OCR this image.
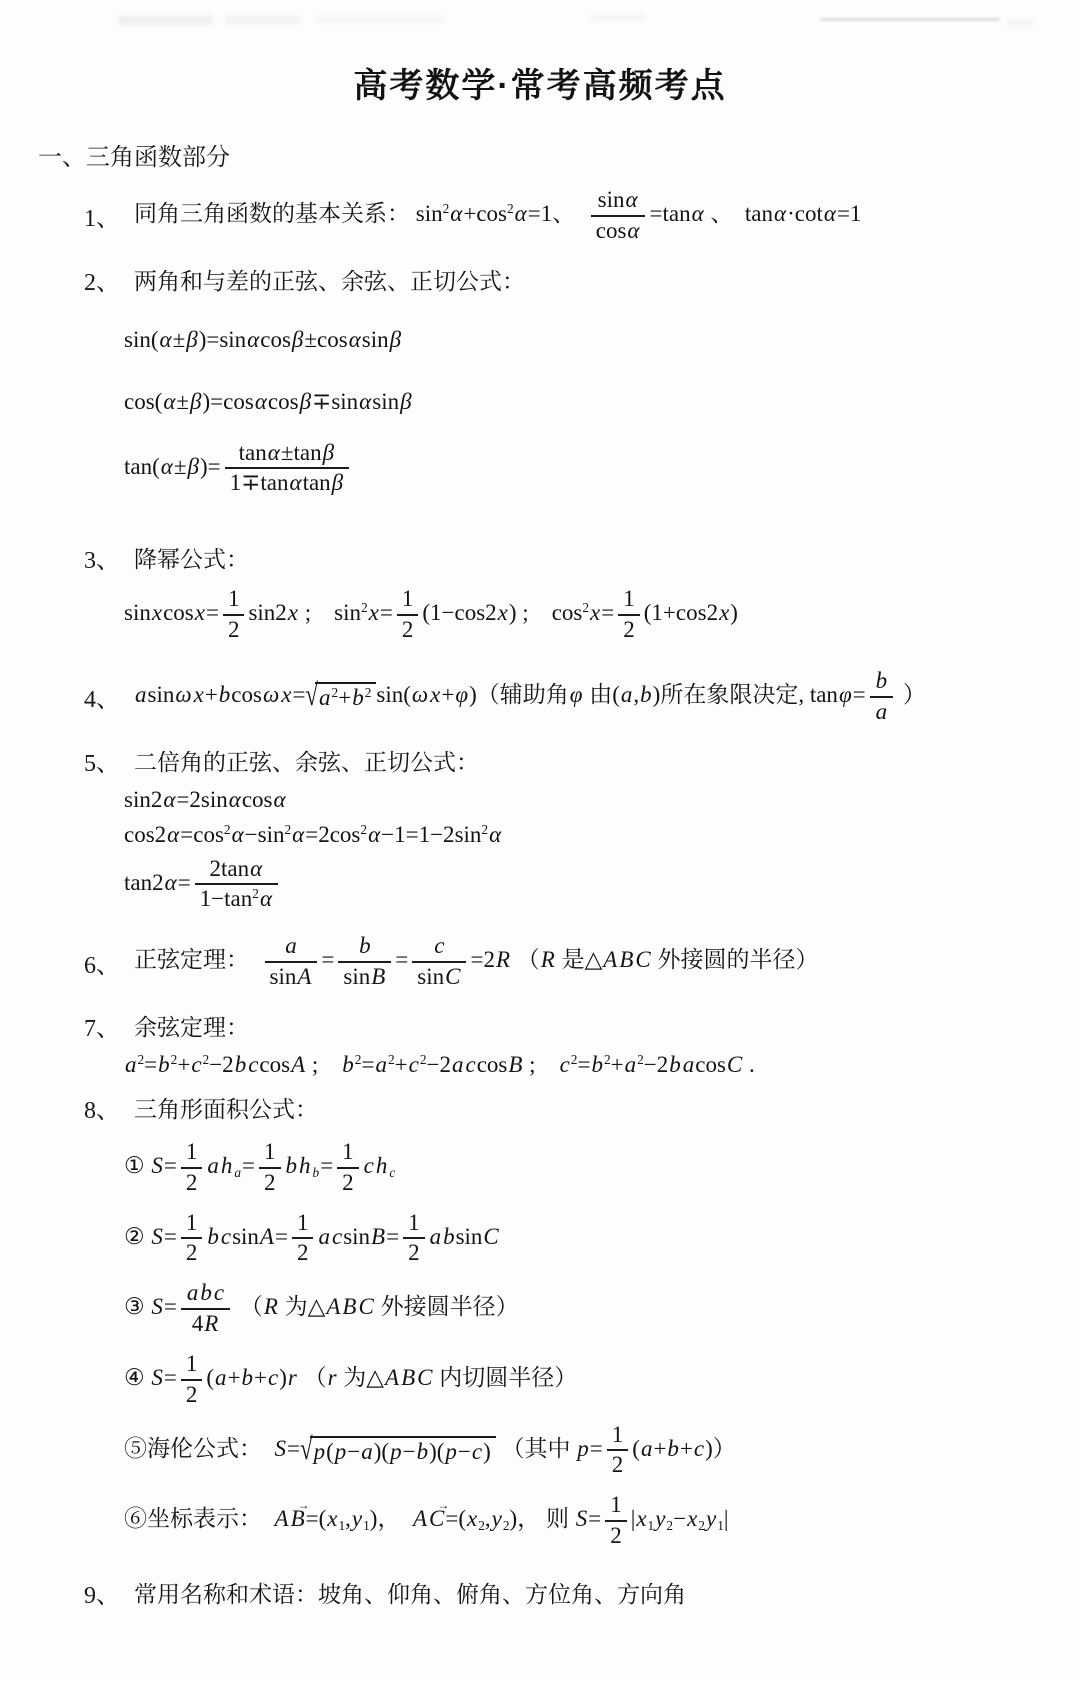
高考数学·常考高频考点
一、三角函数部分
1、 同角三角函数的基本关系： $\sin^2\alpha+\cos^2\alpha=1$、  $\frac{\sin\alpha}{\cos\alpha} =\tan\alpha$ 、 tanα·cotα=1
2、 两角和与差的正弦、余弦、正切公式：
sin(α±β)=sinαcosβ±cosαsinβ
cos(α±β)=cosαcosβ∓sinαsinβ
$\tan(\alpha\pm\beta)= \frac{\tan\alpha\pm\tan\beta}{1\mp\tan\alpha\tan\beta}$
3、 降幂公式：
sinxcosx= $\frac{1}{2} \sin 2x$ ; $\sin^2x= \frac{1}{2} (1-\cos 2x)$ ; $\cos^2x= \frac{1}{2} (1+\cos 2x)$
4、 $asin\omega x+bcos\omega x=√a^2+b^2$ sin(ωx+φ)（辅助角φ 由(a,b)所在象限决定, $\tan\varphi= \frac{b}{a}$ ）
5、 二倍角的正弦、余弦、正切公式：
sin2α=2sinαcosα
$\cos 2\alpha=\cos^2\alpha-\sin^2\alpha=2\cos^2\alpha-1=1-2\sin^2\alpha$
$\tan 2\alpha= \frac{2\tan\alpha}{1-\tan^2\alpha}$
6、 正弦定理：  $\frac{a}{\sin A} = \frac{b}{\sin B} = \frac{c}{\sin C} =2R$ （R 是△ABC 外接圆的半径）
7、 余弦定理：
$a^2=b^2+c^2-2bccosA$ ; $b^2=a^2+c^2-2accosB$ ; $c^2=b^2+a^2-2bacosC$ .
8、 三角形面积公式：
① $S= \frac{1}{2}$ ah $a= \frac{1}{2}$ bh $b= \frac{1}{2}$ ch c
② $S= \frac{1}{2} bcsinA= \frac{1}{2} acsinB= \frac{1}{2}$ absinC
③ $S= \frac{\text{abc}}{4R} (R$ 为△ABC 外接圆半径）
④ $S= \frac{1}{2} (a+b+c)r$ （r 为△ABC 内切圆半径）
⑤海伦公式： S=√p(p−a)(p−b)(p−c) （其中 $p= \frac{1}{2} (a+b+c)$）
⑥坐标表示： AB →=(x1,y1)， AC →=(x2,y2)， 则 $S= \frac{1}{2} |x1y2-x2y1|$
9、 常用名称和术语：坡角、仰角、俯角、方位角、方向角
